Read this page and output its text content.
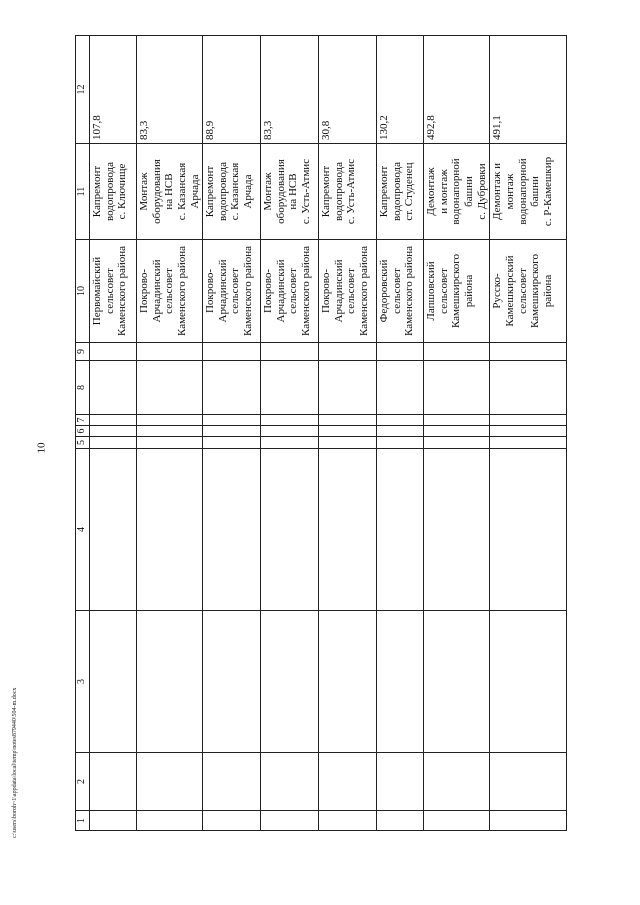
10
1	2	3	4	5	6	7	8	9	10	11	12

									Первомайский сельсовет Каменского района	Капремонт водопровода с. Ключище	107,8

									Покрово- Арчадинский сельсовет Каменского района	Монтаж оборудования на НСВ с. Казанская Арчада	83,3

									Покрово- Арчадинский сельсовет Каменского района	Капремонт водопровода с. Казанская Арчада	88,9

									Покрово- Арчадинский сельсовет Каменского района	Монтаж оборудования на НСВ с. Усть-Атмис	83,3

									Покрово- Арчадинский сельсовет Каменского района	Капремонт водопровода с. Усть-Атмис	30,8

									Федоровский сельсовет Каменского района	Капремонт водопровода ст. Студенец	130,2

									Лапшовский сельсовет Камешкирского района	Демонтаж и монтаж водонапорной башни с. Дубровки	492,8

									Русско- Камешкирский сельсовет Камешкирского района	Демонтаж и монтаж водонапорной башни с. Р-Камешкир	491,1
c:\users\boroh~1\appdata\local\temp\notes879440\504-m.docx
